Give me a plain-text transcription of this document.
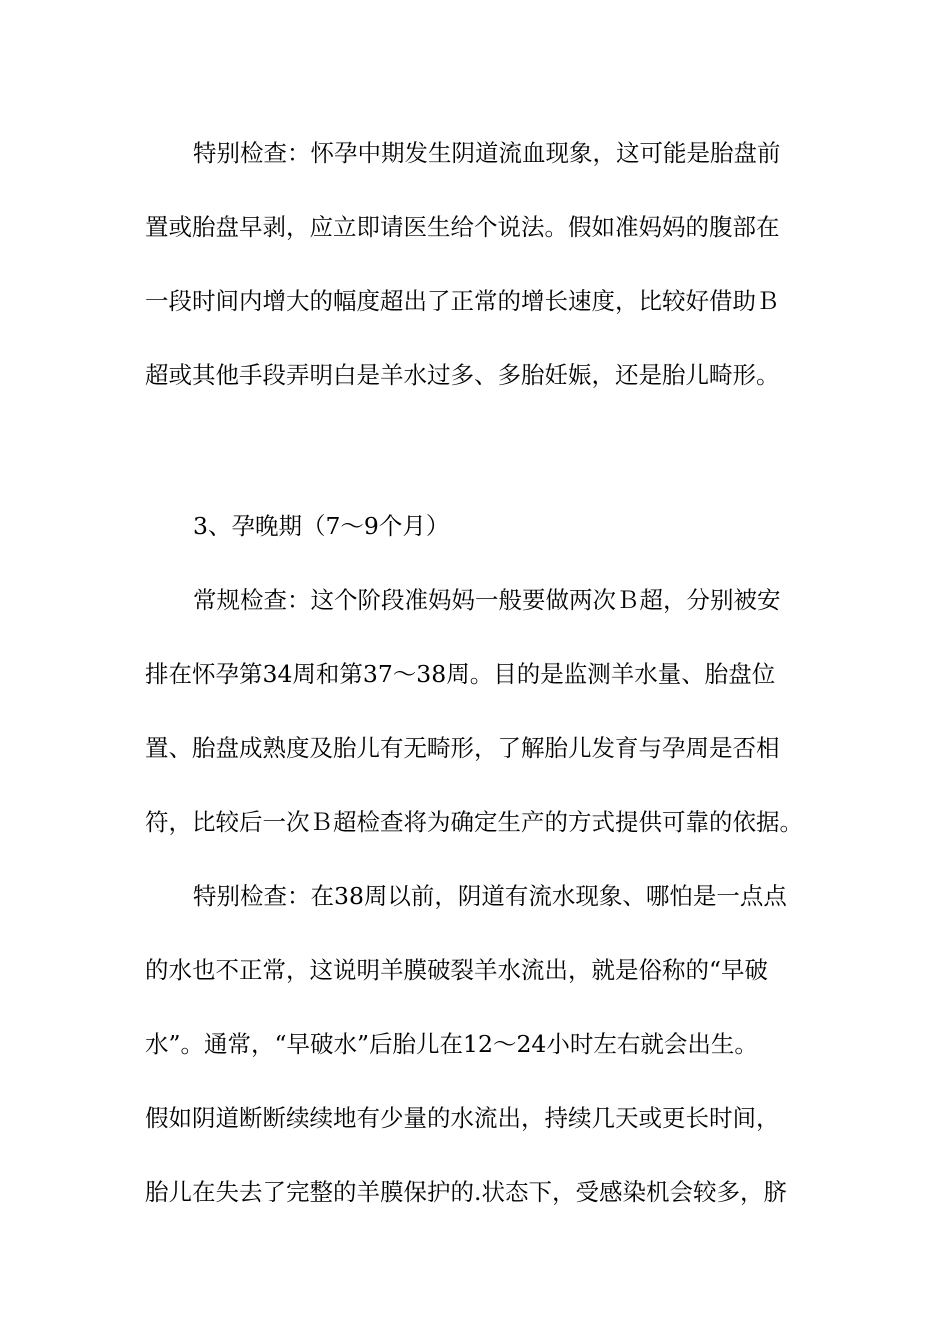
特别检查：怀孕中期发生阴道流血现象，这可能是胎盘前
置或胎盘早剥，应立即请医生给个说法。假如准妈妈的腹部在
一段时间内增大的幅度超出了正常的增长速度，比较好借助Ｂ
超或其他手段弄明白是羊水过多、多胎妊娠，还是胎儿畸形。
3、孕晚期（7～9个月）
常规检查：这个阶段准妈妈一般要做两次Ｂ超，分别被安
排在怀孕第34周和第37～38周。目的是监测羊水量、胎盘位
置、胎盘成熟度及胎儿有无畸形，了解胎儿发育与孕周是否相
符，比较后一次Ｂ超检查将为确定生产的方式提供可靠的依据。
特别检查：在38周以前，阴道有流水现象、哪怕是一点点
的水也不正常，这说明羊膜破裂羊水流出，就是俗称的“早破
水”。通常，“早破水”后胎儿在12～24小时左右就会出生。
假如阴道断断续续地有少量的水流出，持续几天或更长时间，
胎儿在失去了完整的羊膜保护的.状态下，受感染机会较多，脐
